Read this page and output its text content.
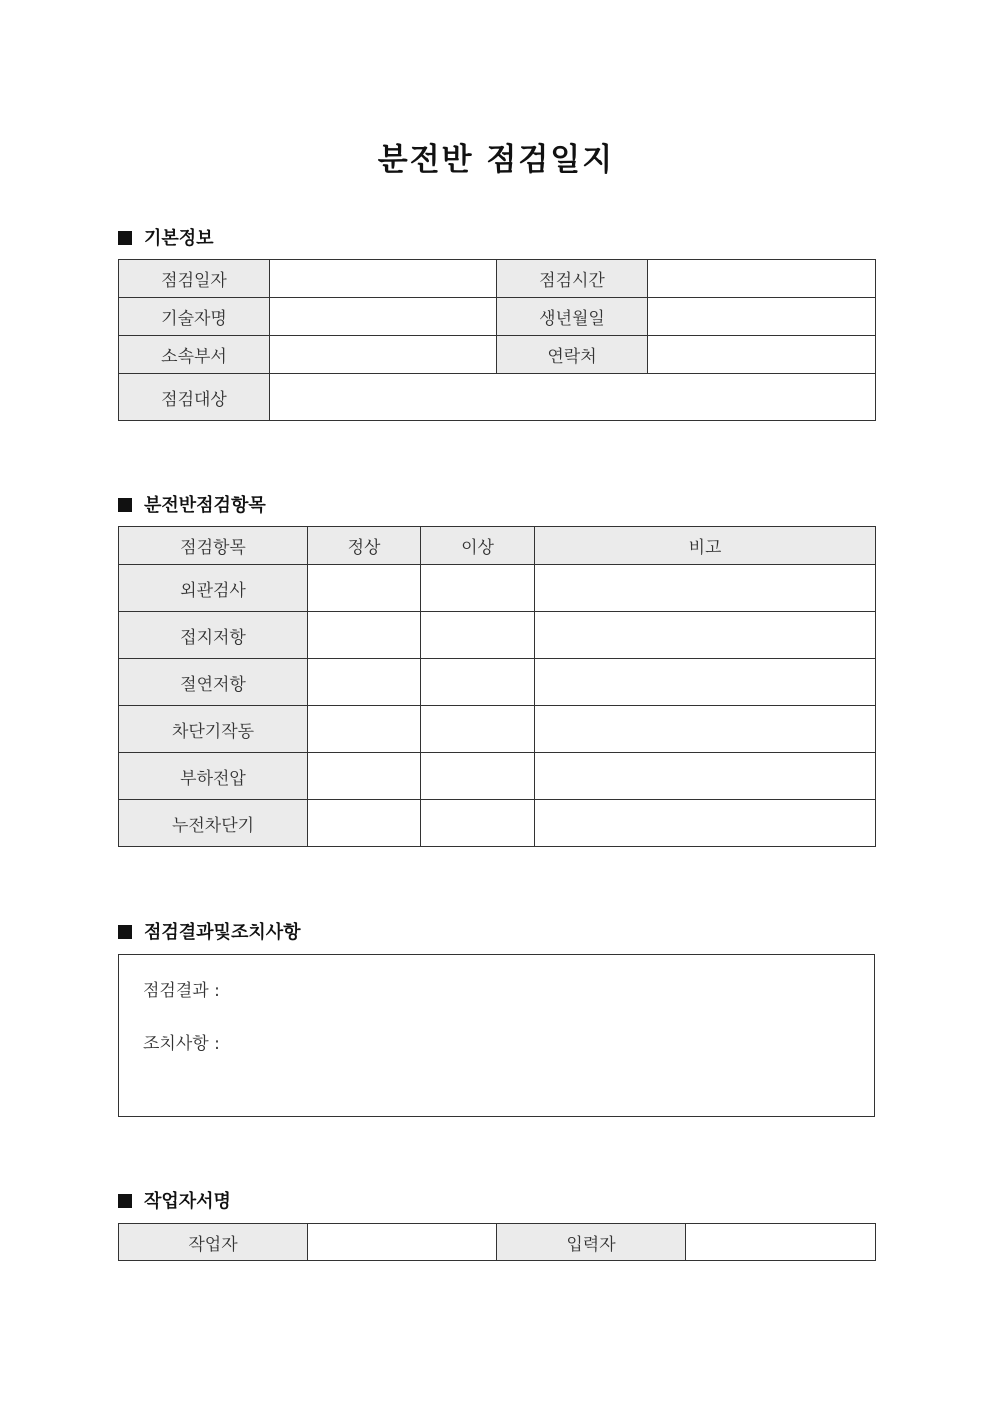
분전반 점검일지
기본정보
점검일자		점검시간	
기술자명		생년월일	
소속부서		연락처	
점검대상			
분전반점검항목
점검항목	정상	이상	비고
외관검사			
접지저항			
절연저항			
차단기작동			
부하전압			
누전차단기			
점검결과및조치사항
점검결과 :
조치사항 :
작업자서명
작업자		입력자	
